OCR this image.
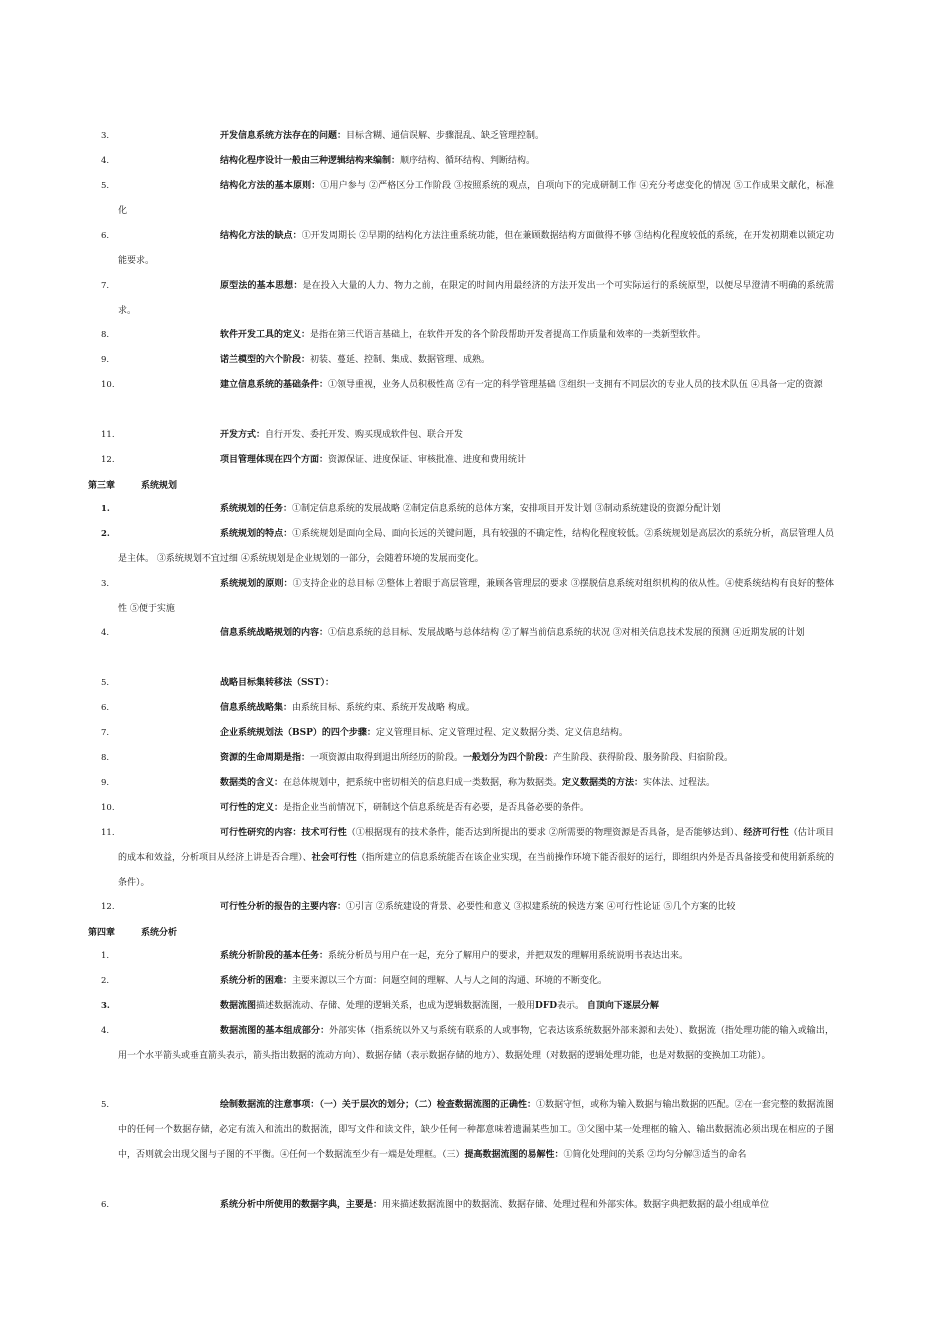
3.	开发信息系统方法存在的问题：目标含糊、通信误解、步骤混乱、缺乏管理控制。
4.	结构化程序设计一般由三种逻辑结构来编制：顺序结构、循环结构、判断结构。
5.	结构化方法的基本原则：①用户参与 ②严格区分工作阶段 ③按照系统的观点，自项向下的完成研制工作 ④充分考虑变化的情况 ⑤工作成果文献化，标准化
6.	结构化方法的缺点：①开发周期长 ②早期的结构化方法注重系统功能，但在兼顾数据结构方面做得不够 ③结构化程度较低的系统，在开发初期难以锁定功能要求。
7.	原型法的基本思想：是在投入大量的人力、物力之前，在限定的时间内用最经济的方法开发出一个可实际运行的系统原型，以便尽早澄清不明确的系统需求。
8.	软件开发工具的定义：是指在第三代语言基础上，在软件开发的各个阶段帮助开发者提高工作质量和效率的一类新型软件。
9.	诺兰模型的六个阶段：初装、蔓延、控制、集成、数据管理、成熟。
10.	建立信息系统的基础条件：①领导重视，业务人员积极性高 ②有一定的科学管理基础 ③组织一支拥有不同层次的专业人员的技术队伍 ④具备一定的资源
11.	开发方式：自行开发、委托开发、购买现成软件包、联合开发
12.	项目管理体现在四个方面：资源保证、进度保证、审核批准、进度和费用统计
第三章	系统规划
1.	系统规划的任务：①制定信息系统的发展战略 ②制定信息系统的总体方案，安排项目开发计划 ③制动系统建设的资源分配计划
2.	系统规划的特点：①系统规划是面向全局、面向长远的关键问题，具有较强的不确定性，结构化程度较低。②系统规划是高层次的系统分析，高层管理人员是主体。 ③系统规划不宜过细 ④系统规划是企业规划的一部分，会随着环境的发展而变化。
3.	系统规划的原则：①支持企业的总目标 ②整体上着眼于高层管理，兼顾各管理层的要求 ③摆脱信息系统对组织机构的依从性。④使系统结构有良好的整体性 ⑤便于实施
4.	信息系统战略规划的内容：①信息系统的总目标、发展战略与总体结构 ②了解当前信息系统的状况 ③对相关信息技术发展的预测 ④近期发展的计划
5.	战略目标集转移法（SST）：
6.	信息系统战略集：由系统目标、系统约束、系统开发战略 构成。
7.	企业系统规划法（BSP）的四个步骤：定义管理目标、定义管理过程、定义数据分类、定义信息结构。
8.	资源的生命周期是指：一项资源由取得到退出所经历的阶段。一般划分为四个阶段：产生阶段、获得阶段、服务阶段、归宿阶段。
9.	数据类的含义：在总体规划中，把系统中密切相关的信息归成一类数据，称为数据类。定义数据类的方法：实体法、过程法。
10.	可行性的定义：是指企业当前情况下，研制这个信息系统是否有必要，是否具备必要的条件。
11.	可行性研究的内容：技术可行性（①根据现有的技术条件，能否达到所提出的要求 ②所需要的物理资源是否具备，是否能够达到）、经济可行性（估计项目的成本和效益，分析项目从经济上讲是否合理）、社会可行性（指所建立的信息系统能否在该企业实现，在当前操作环境下能否很好的运行，即组织内外是否具备接受和使用新系统的条件）。
12.	可行性分析的报告的主要内容：①引言 ②系统建设的背景、必要性和意义 ③拟建系统的候选方案 ④可行性论证 ⑤几个方案的比较
第四章	系统分析
1.	系统分析阶段的基本任务：系统分析员与用户在一起，充分了解用户的要求，并把双发的理解用系统说明书表达出来。
2.	系统分析的困难：主要来源以三个方面：问题空间的理解、人与人之间的沟通、环境的不断变化。
3.	数据流图描述数据流动、存储、处理的逻辑关系，也成为逻辑数据流图，一般用DFD表示。 自顶向下逐层分解
4.	数据流图的基本组成部分：外部实体（指系统以外又与系统有联系的人或事物，它表达该系统数据外部来源和去处）、数据流（指处理功能的输入或输出，用一个水平箭头或垂直箭头表示，箭头指出数据的流动方向）、数据存储（表示数据存储的地方）、数据处理（对数据的逻辑处理功能，也是对数据的变换加工功能）。
5.	绘制数据流的注意事项：（一）关于层次的划分；（二）检查数据流图的正确性：①数据守恒，或称为输入数据与输出数据的匹配。②在一套完整的数据流图中的任何一个数据存储，必定有流入和流出的数据流，即写文件和读文件，缺少任何一种都意味着遗漏某些加工。③父图中某一处理框的输入、输出数据流必须出现在相应的子图中，否则就会出现父图与子图的不平衡。④任何一个数据流至少有一端是处理框。（三）提高数据流图的易解性：①简化处理间的关系 ②均匀分解③适当的命名
6.	系统分析中所使用的数据字典，主要是：用来描述数据流图中的数据流、数据存储、处理过程和外部实体。数据字典把数据的最小组成单位
